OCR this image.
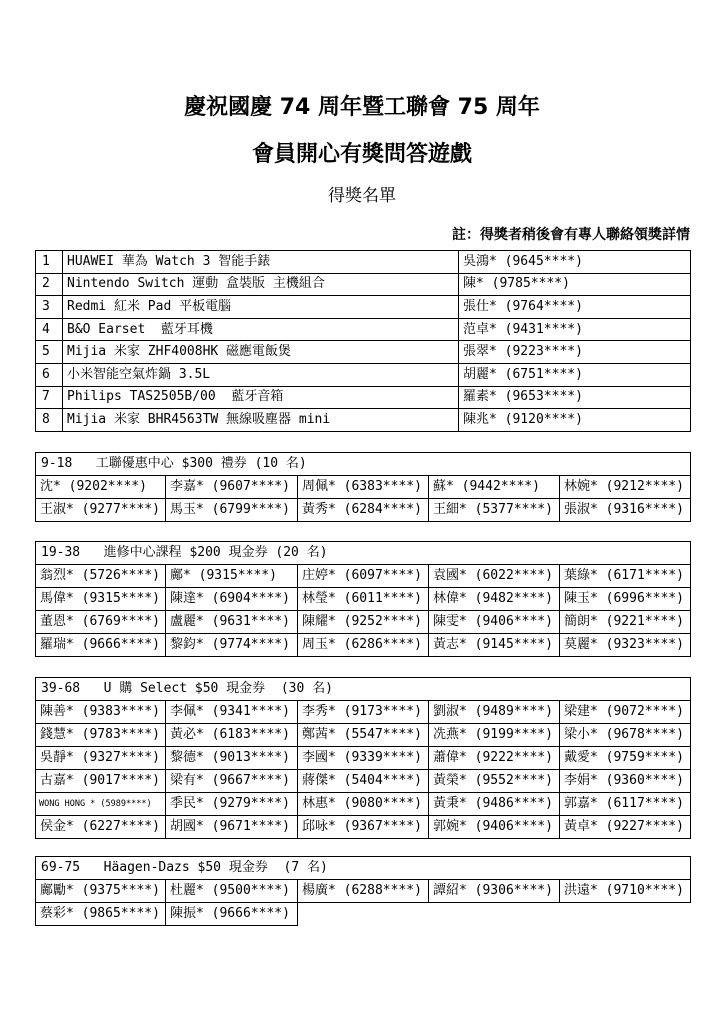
慶祝國慶 74 周年暨工聯會 75 周年
會員開心有獎問答遊戲
得獎名單
註：得獎者稍後會有專人聯絡領獎詳情
1	HUAWEI 華為 Watch 3 智能手錶	吳鴻* (9645****)
2	Nintendo Switch 運動 盒裝版 主機組合	陳* (9785****)
3	Redmi 紅米 Pad 平板電腦	張仕* (9764****)
4	B&O Earset  藍牙耳機	范卓* (9431****)
5	Mijia 米家 ZHF4008HK 磁應電飯煲	張翠* (9223****)
6	小米智能空氣炸鍋 3.5L	胡麗* (6751****)
7	Philips TAS2505B/00  藍牙音箱	羅素* (9653****)
8	Mijia 米家 BHR4563TW 無線吸塵器 mini	陳兆* (9120****)
9-18   工聯優惠中心 $300 禮券 (10 名)				
沈* (9202****)	李嘉* (9607****)	周佩* (6383****)	蘇* (9442****)	林婉* (9212****)
王淑* (9277****)	馬玉* (6799****)	黃秀* (6284****)	王細* (5377****)	張淑* (9316****)
19-38   進修中心課程 $200 現金券 (20 名)				
翁烈* (5726****)	鄺* (9315****)	庄婷* (6097****)	袁國* (6022****)	葉綠* (6171****)
馬偉* (9315****)	陳達* (6904****)	林瑩* (6011****)	林偉* (9482****)	陳玉* (6996****)
董恩* (6769****)	盧麗* (9631****)	陳耀* (9252****)	陳雯* (9406****)	簡朗* (9221****)
羅瑞* (9666****)	黎鈞* (9774****)	周玉* (6286****)	黃志* (9145****)	莫麗* (9323****)
39-68   U 購 Select $50 現金券  (30 名)				
陳善* (9383****)	李佩* (9341****)	李秀* (9173****)	劉淑* (9489****)	梁建* (9072****)
錢慧* (9783****)	黃必* (6183****)	鄭茜* (5547****)	冼燕* (9199****)	梁小* (9678****)
吳靜* (9327****)	黎德* (9013****)	李國* (9339****)	蕭偉* (9222****)	戴愛* (9759****)
古嘉* (9017****)	梁有* (9667****)	蔣傑* (5404****)	黃榮* (9552****)	李娟* (9360****)
WONG HONG * (5989****)	季民* (9279****)	林惠* (9080****)	黃秉* (9486****)	郭嘉* (6117****)
侯金* (6227****)	胡國* (9671****)	邱咏* (9367****)	郭婉* (9406****)	黃卓* (9227****)
69-75   Häagen-Dazs $50 現金券  (7 名)				
鄺勵* (9375****)	杜麗* (9500****)	楊廣* (6288****)	譚紹* (9306****)	洪遠* (9710****)
蔡彩* (9865****)	陳振* (9666****)			
